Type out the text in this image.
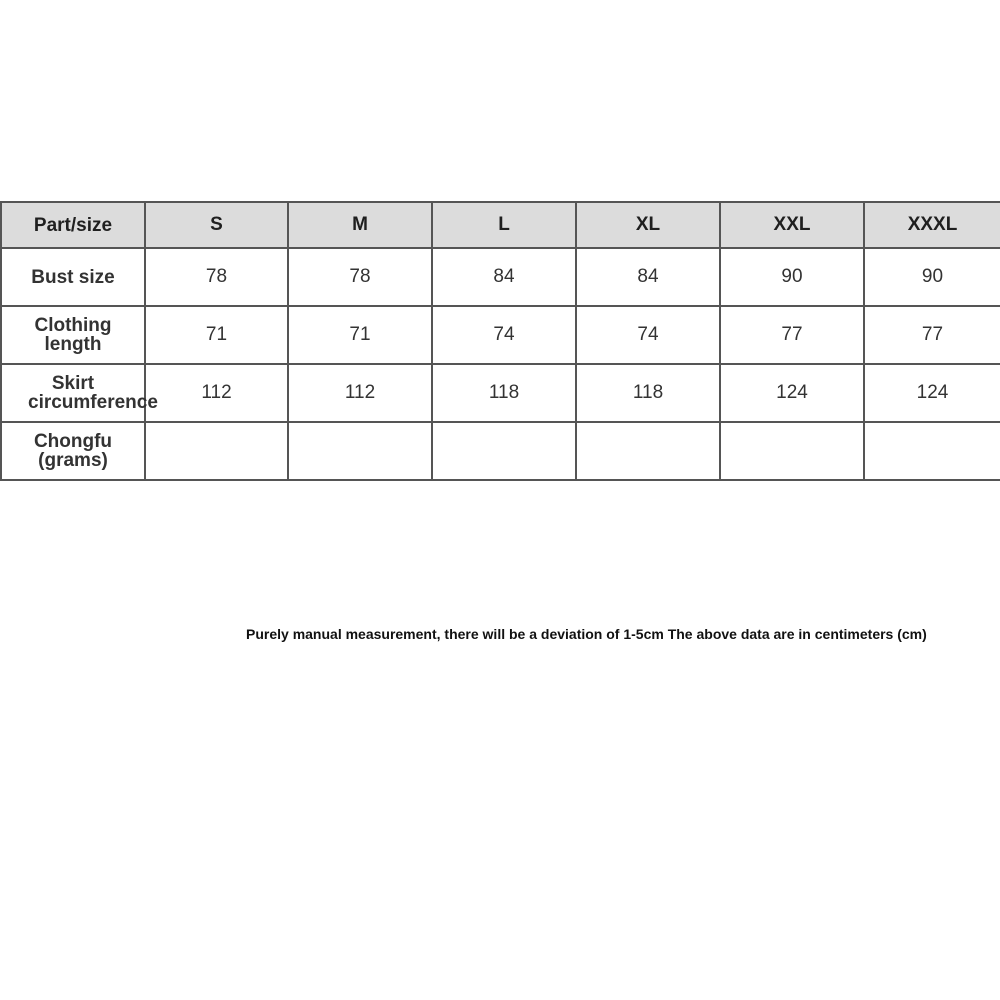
Part/size	S	M	L	XL	XXL	XXXL
Bust size	78	78	84	84	90	90

Clothing length	71	71	74	74	77	77

Skirt circumference	112	112	118	118	124	124

Chongfu (grams)						

Purely manual measurement, there will be a deviation of 1-5cm The above data are in centimeters (cm)
